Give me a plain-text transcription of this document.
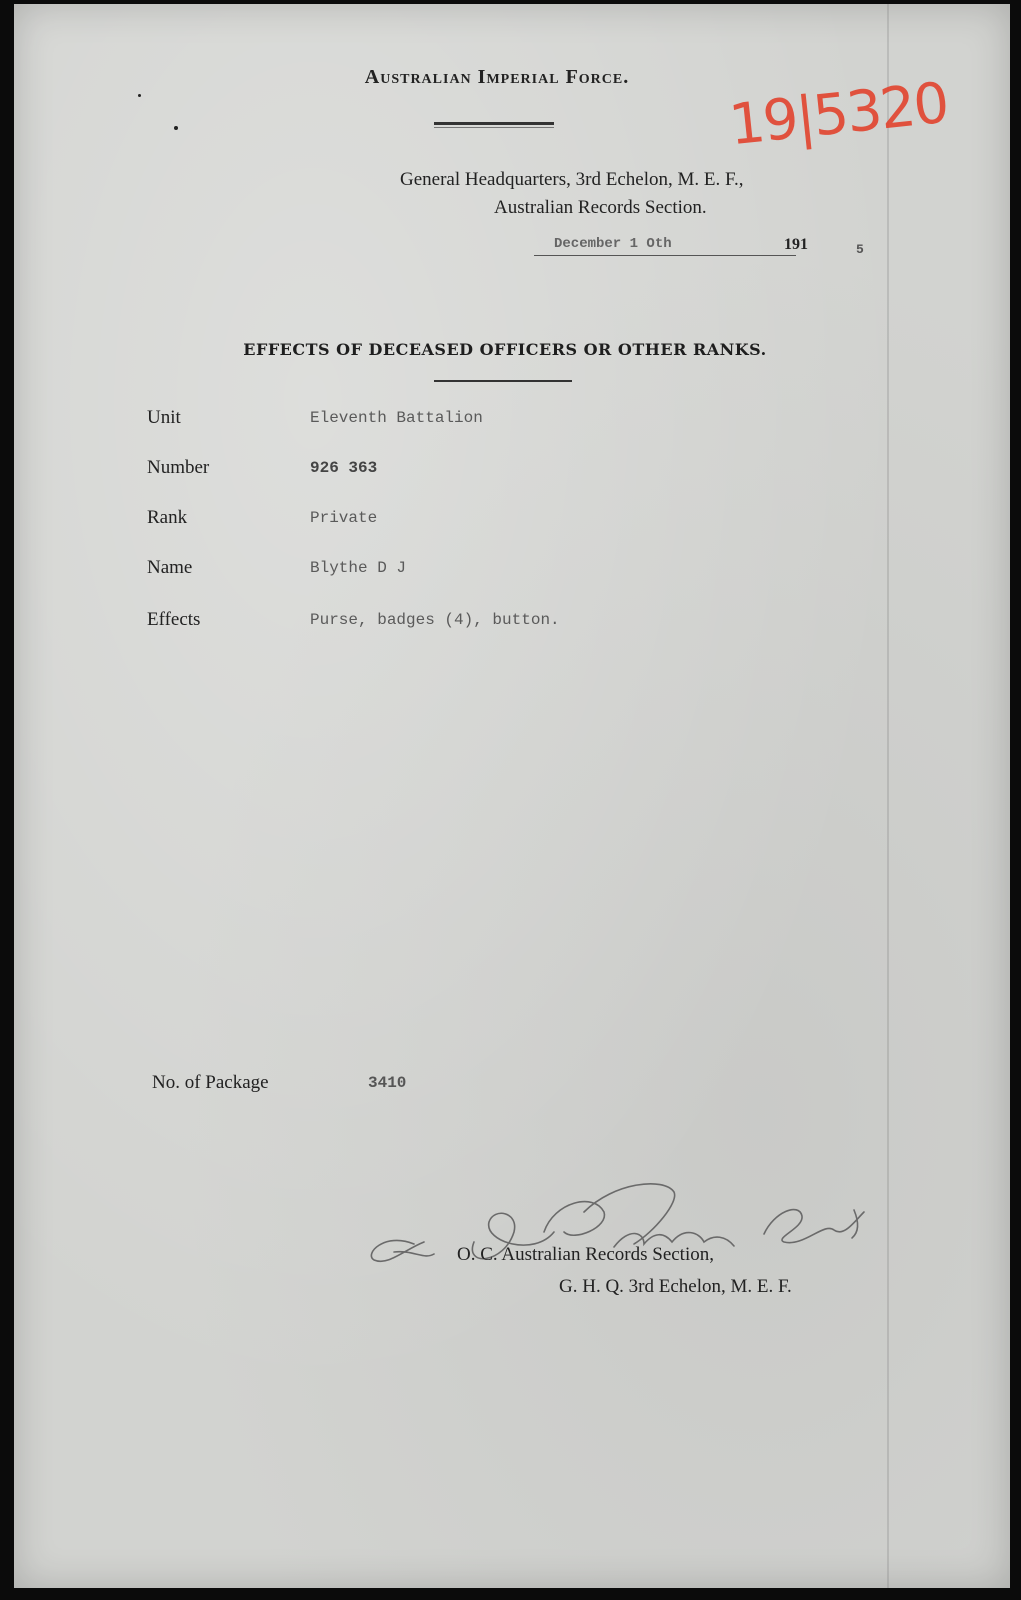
Australian Imperial Force.	19|5320
General Headquarters, 3rd Echelon, M. E. F.,
Australian Records Section.
December 1 Oth	191	5
EFFECTS OF DECEASED OFFICERS OR OTHER RANKS.
Unit	Eleventh Battalion
Number	926 363
Rank	Private
Name	Blythe D J
Effects	Purse, badges (4), button.
No. of Package	3410
O. C. Australian Records Section,
G. H. Q. 3rd Echelon, M. E. F.
